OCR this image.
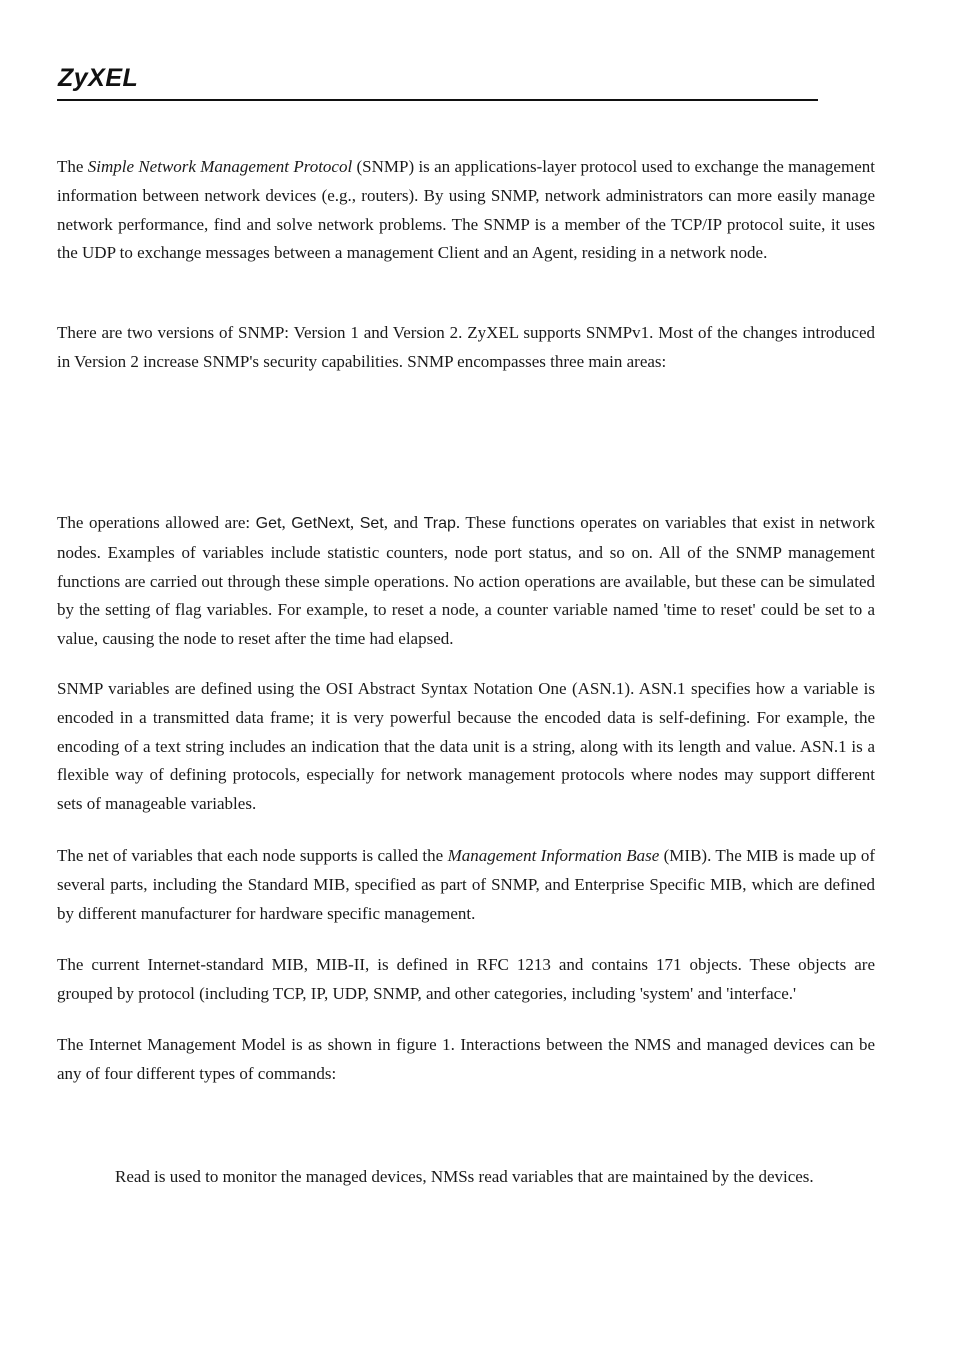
ZyXEL

The Simple Network Management Protocol (SNMP) is an applications-layer protocol used to exchange the management information between network devices (e.g., routers). By using SNMP, network administrators can more easily manage network performance, find and solve network problems. The SNMP is a member of the TCP/IP protocol suite, it uses the UDP to exchange messages between a management Client and an Agent, residing in a network node.

There are two versions of SNMP: Version 1 and Version 2. ZyXEL supports SNMPv1. Most of the changes introduced in Version 2 increase SNMP's security capabilities. SNMP encompasses three main areas:

The operations allowed are: Get, GetNext, Set, and Trap. These functions operates on variables that exist in network nodes. Examples of variables include statistic counters, node port status, and so on. All of the SNMP management functions are carried out through these simple operations. No action operations are available, but these can be simulated by the setting of flag variables. For example, to reset a node, a counter variable named 'time to reset' could be set to a value, causing the node to reset after the time had elapsed.

SNMP variables are defined using the OSI Abstract Syntax Notation One (ASN.1). ASN.1 specifies how a variable is encoded in a transmitted data frame; it is very powerful because the encoded data is self-defining. For example, the encoding of a text string includes an indication that the data unit is a string, along with its length and value. ASN.1 is a flexible way of defining protocols, especially for network management protocols where nodes may support different sets of manageable variables.

The net of variables that each node supports is called the Management Information Base (MIB). The MIB is made up of several parts, including the Standard MIB, specified as part of SNMP, and Enterprise Specific MIB, which are defined by different manufacturer for hardware specific management.

The current Internet-standard MIB, MIB-II, is defined in RFC 1213 and contains 171 objects. These objects are grouped by protocol (including TCP, IP, UDP, SNMP, and other categories, including 'system' and 'interface.'

The Internet Management Model is as shown in figure 1. Interactions between the NMS and managed devices can be any of four different types of commands:

Read is used to monitor the managed devices, NMSs read variables that are maintained by the devices.
